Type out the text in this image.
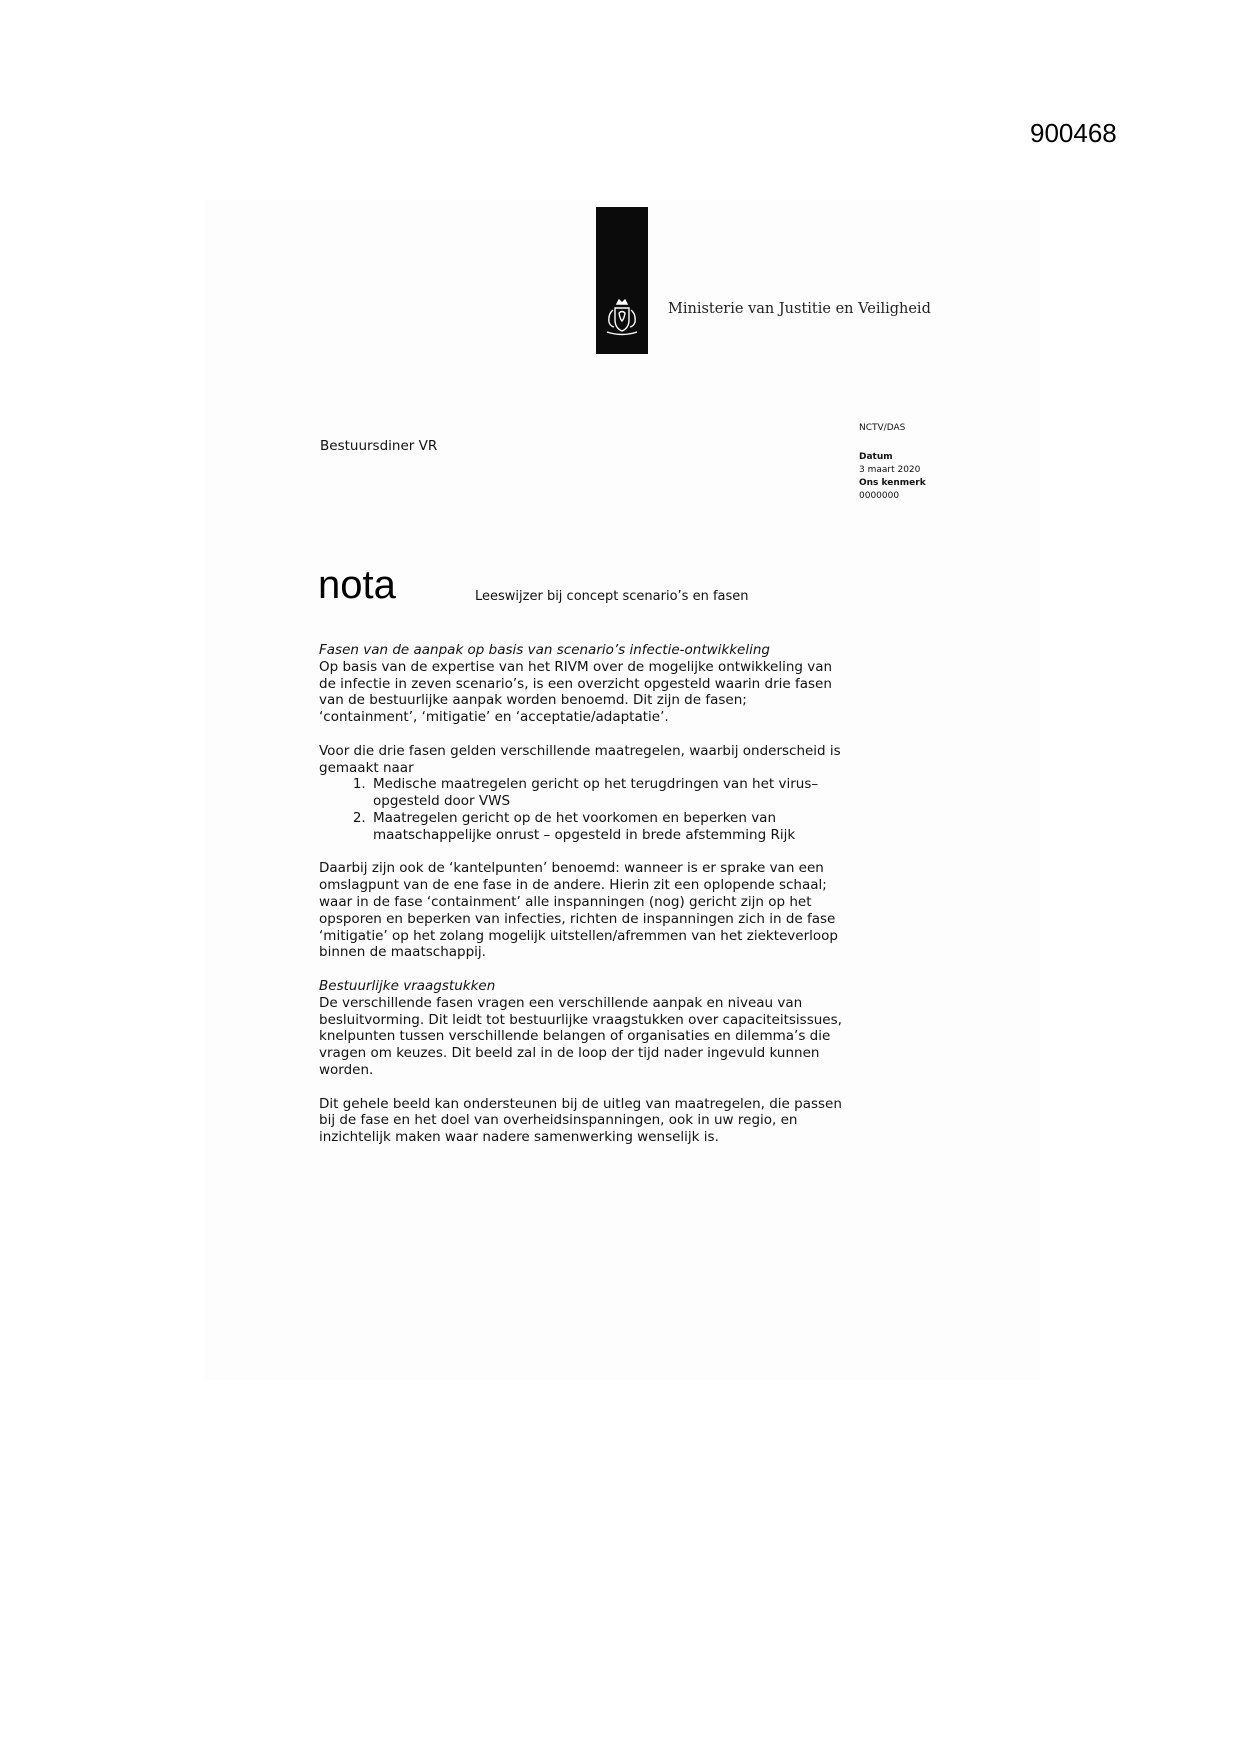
900468
Ministerie van Justitie en Veiligheid
Bestuursdiner VR
NCTV/DAS
Datum
3 maart 2020
Ons kenmerk
0000000
nota	Leeswijzer bij concept scenario’s en fasen
Fasen van de aanpak op basis van scenario’s infectie-ontwikkeling

Op basis van de expertise van het RIVM over de mogelijke ontwikkeling van de infectie in zeven scenario’s, is een overzicht opgesteld waarin drie fasen van de bestuurlijke aanpak worden benoemd. Dit zijn de fasen; ‘containment’, ‘mitigatie’ en ‘acceptatie/adaptatie’.

Voor die drie fasen gelden verschillende maatregelen, waarbij onderscheid is gemaakt naar
1. Medische maatregelen gericht op het terugdringen van het virus– opgesteld door VWS
2. Maatregelen gericht op de het voorkomen en beperken van maatschappelijke onrust – opgesteld in brede afstemming Rijk

Daarbij zijn ook de ‘kantelpunten’ benoemd: wanneer is er sprake van een omslagpunt van de ene fase in de andere. Hierin zit een oplopende schaal; waar in de fase ‘containment’ alle inspanningen (nog) gericht zijn op het opsporen en beperken van infecties, richten de inspanningen zich in de fase ‘mitigatie’ op het zolang mogelijk uitstellen/afremmen van het ziekteverloop binnen de maatschappij.

Bestuurlijke vraagstukken

De verschillende fasen vragen een verschillende aanpak en niveau van besluitvorming. Dit leidt tot bestuurlijke vraagstukken over capaciteitsissues, knelpunten tussen verschillende belangen of organisaties en dilemma’s die vragen om keuzes. Dit beeld zal in de loop der tijd nader ingevuld kunnen worden.

Dit gehele beeld kan ondersteunen bij de uitleg van maatregelen, die passen bij de fase en het doel van overheidsinspanningen, ook in uw regio, en inzichtelijk maken waar nadere samenwerking wenselijk is.
